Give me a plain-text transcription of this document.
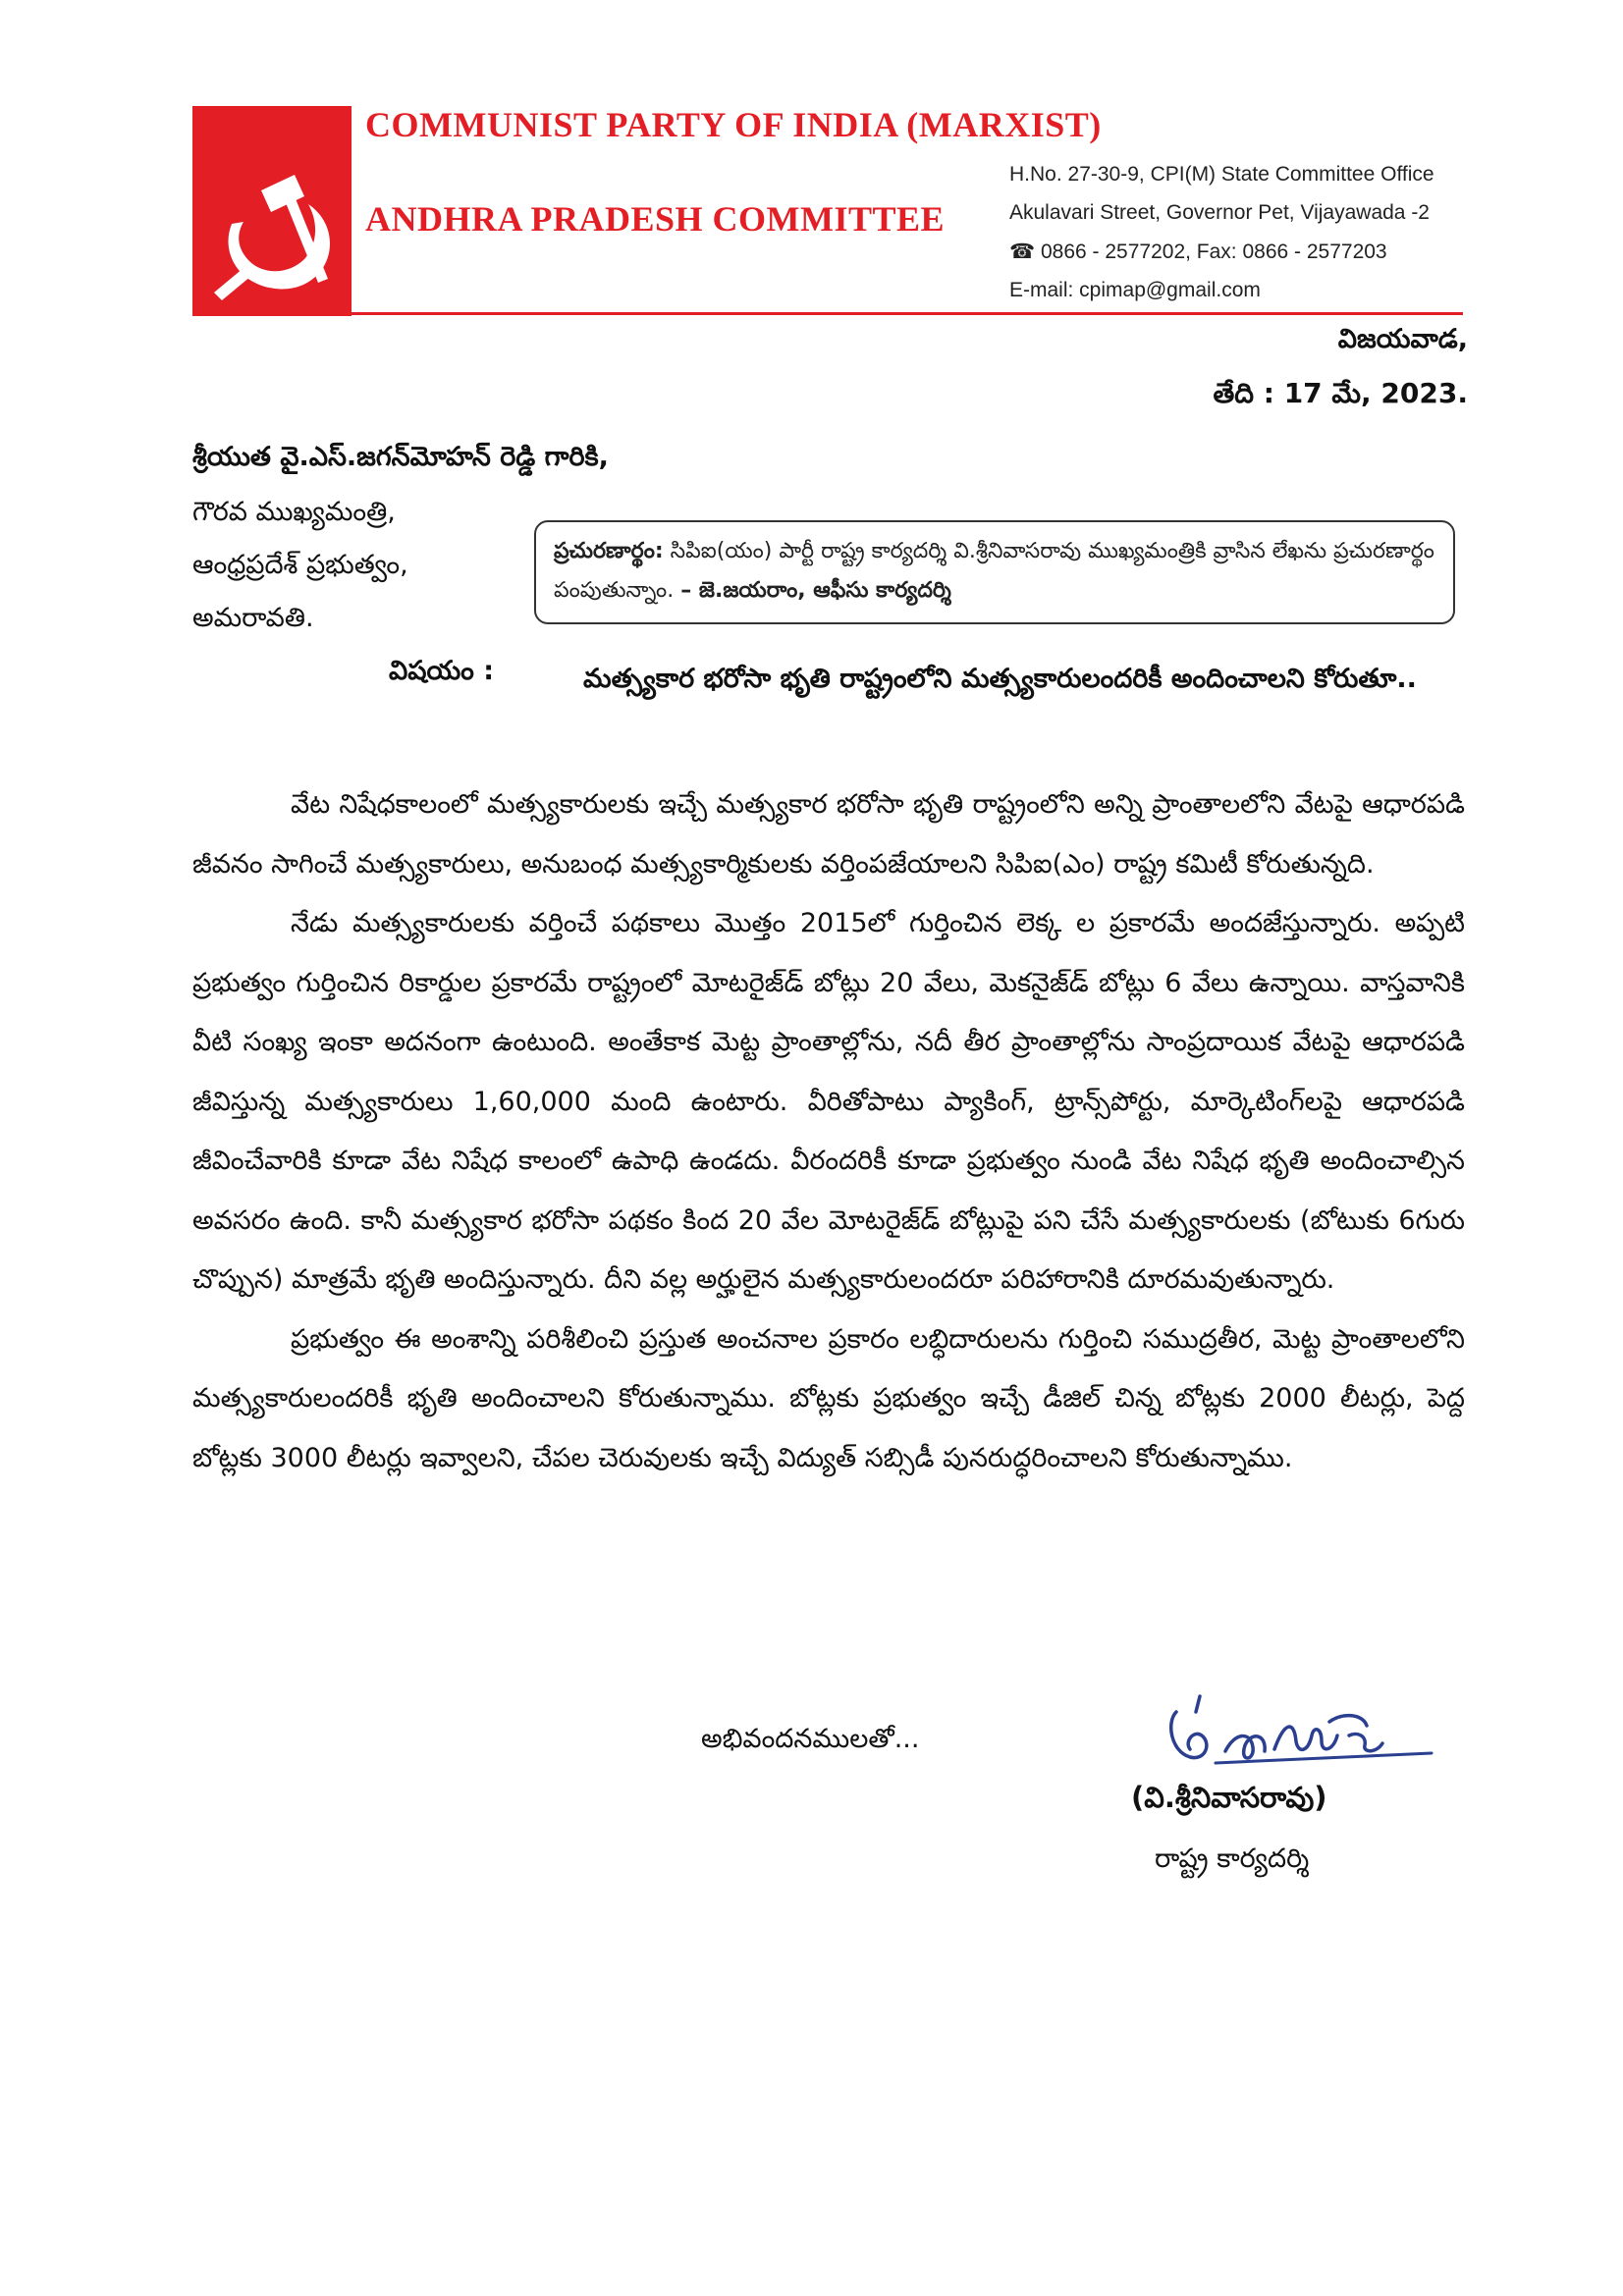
COMMUNIST PARTY OF INDIA (MARXIST)
ANDHRA PRADESH COMMITTEE
H.No. 27-30-9, CPI(M) State Committee Office
Akulavari Street, Governor Pet, Vijayawada -2
☎ 0866 - 2577202, Fax: 0866 - 2577203
E-mail: cpimap@gmail.com
విజయవాడ,
తేది : 17 మే, 2023.
శ్రీయుత వై.ఎస్.జగన్‌మోహన్ రెడ్డి గారికి,
గౌరవ ముఖ్యమంత్రి,
ఆంధ్రప్రదేశ్ ప్రభుత్వం,
అమరావతి.
ప్రచురణార్థం: సిపిఐ(యం) పార్టీ రాష్ట్ర కార్యదర్శి వి.శ్రీనివాసరావు ముఖ్యమంత్రికి వ్రాసిన లేఖను ప్రచురణార్థం పంపుతున్నాం. – జె.జయరాం, ఆఫీసు కార్యదర్శి
విషయం :	మత్స్యకార భరోసా భృతి రాష్ట్రంలోని మత్స్యకారులందరికీ అందించాలని కోరుతూ..

వేట నిషేధకాలంలో మత్స్యకారులకు ఇచ్చే మత్స్యకార భరోసా భృతి రాష్ట్రంలోని అన్ని ప్రాంతాలలోని వేటపై ఆధారపడి జీవనం సాగించే మత్స్యకారులు, అనుబంధ మత్స్యకార్మికులకు వర్తింపజేయాలని సిపిఐ(ఎం) రాష్ట్ర కమిటీ కోరుతున్నది.

నేడు మత్స్యకారులకు వర్తించే పథకాలు మొత్తం 2015లో గుర్తించిన లెక్క ల ప్రకారమే అందజేస్తున్నారు. అప్పటి ప్రభుత్వం గుర్తించిన రికార్డుల ప్రకారమే రాష్ట్రంలో మోటరైజ్‌డ్ బోట్లు 20 వేలు, మెకనైజ్‌డ్ బోట్లు 6 వేలు ఉన్నాయి. వాస్తవానికి వీటి సంఖ్య ఇంకా అదనంగా ఉంటుంది. అంతేకాక మెట్ట ప్రాంతాల్లోను, నదీ తీర ప్రాంతాల్లోను సాంప్రదాయిక వేటపై ఆధారపడి జీవిస్తున్న మత్స్యకారులు 1,60,000 మంది ఉంటారు. వీరితోపాటు ప్యాకింగ్, ట్రాన్స్‌పోర్టు, మార్కెటింగ్‌లపై ఆధారపడి జీవించేవారికి కూడా వేట నిషేధ కాలంలో ఉపాధి ఉండదు. వీరందరికీ కూడా ప్రభుత్వం నుండి వేట నిషేధ భృతి అందించాల్సిన అవసరం ఉంది. కానీ మత్స్యకార భరోసా పథకం కింద 20 వేల మోటరైజ్‌డ్ బోట్లుపై పని చేసే మత్స్యకారులకు (బోటుకు 6గురు చొప్పున) మాత్రమే భృతి అందిస్తున్నారు. దీని వల్ల అర్హులైన మత్స్యకారులందరూ పరిహారానికి దూరమవుతున్నారు.

ప్రభుత్వం ఈ అంశాన్ని పరిశీలించి ప్రస్తుత అంచనాల ప్రకారం లబ్ధిదారులను గుర్తించి సముద్రతీర, మెట్ట ప్రాంతాలలోని మత్స్యకారులందరికీ భృతి అందించాలని కోరుతున్నాము. బోట్లకు ప్రభుత్వం ఇచ్చే డీజిల్ చిన్న బోట్లకు 2000 లీటర్లు, పెద్ద బోట్లకు 3000 లీటర్లు ఇవ్వాలని, చేపల చెరువులకు ఇచ్చే విద్యుత్ సబ్సిడీ పునరుద్ధరించాలని కోరుతున్నాము.

అభివందనములతో...
(వి.శ్రీనివాసరావు)
రాష్ట్ర కార్యదర్శి
